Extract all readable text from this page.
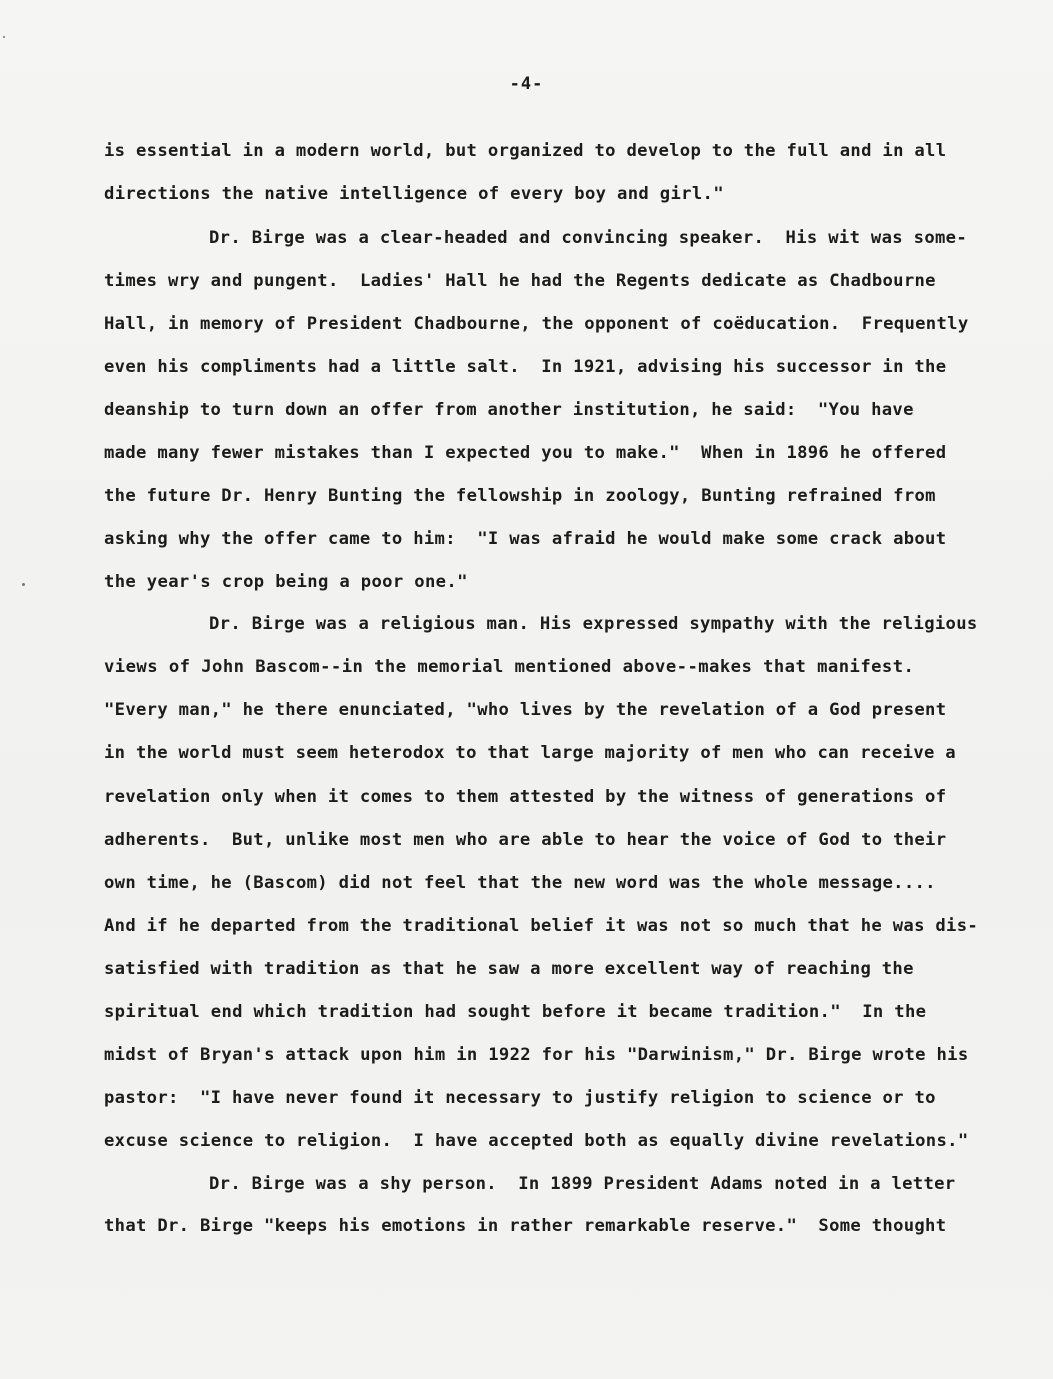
-4-
is essential in a modern world, but organized to develop to the full and in all
directions the native intelligence of every boy and girl."
Dr. Birge was a clear-headed and convincing speaker.  His wit was some-
times wry and pungent.  Ladies' Hall he had the Regents dedicate as Chadbourne
Hall, in memory of President Chadbourne, the opponent of coëducation.  Frequently
even his compliments had a little salt.  In 1921, advising his successor in the
deanship to turn down an offer from another institution, he said:  "You have
made many fewer mistakes than I expected you to make."  When in 1896 he offered
the future Dr. Henry Bunting the fellowship in zoology, Bunting refrained from
asking why the offer came to him:  "I was afraid he would make some crack about
the year's crop being a poor one."
Dr. Birge was a religious man. His expressed sympathy with the religious
views of John Bascom--in the memorial mentioned above--makes that manifest.
"Every man," he there enunciated, "who lives by the revelation of a God present
in the world must seem heterodox to that large majority of men who can receive a
revelation only when it comes to them attested by the witness of generations of
adherents.  But, unlike most men who are able to hear the voice of God to their
own time, he (Bascom) did not feel that the new word was the whole message....
And if he departed from the traditional belief it was not so much that he was dis-
satisfied with tradition as that he saw a more excellent way of reaching the
spiritual end which tradition had sought before it became tradition."  In the
midst of Bryan's attack upon him in 1922 for his "Darwinism," Dr. Birge wrote his
pastor:  "I have never found it necessary to justify religion to science or to
excuse science to religion.  I have accepted both as equally divine revelations."
Dr. Birge was a shy person.  In 1899 President Adams noted in a letter
that Dr. Birge "keeps his emotions in rather remarkable reserve."  Some thought
